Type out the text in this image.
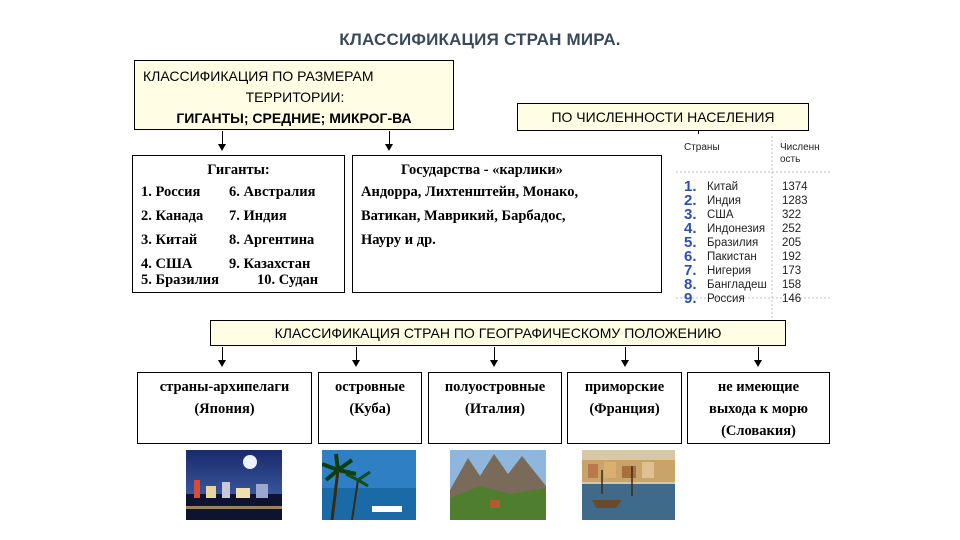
КЛАССИФИКАЦИЯ СТРАН МИРА.
КЛАССИФИКАЦИЯ ПО РАЗМЕРАМ
ТЕРРИТОРИИ:
ГИГАНТЫ; СРЕДНИЕ; МИКРОГ-ВА	ПО ЧИСЛЕННОСТИ НАСЕЛЕНИЯ
Гиганты:
1. Россия 6. Австралия
2. Канада 7. Индия
3. Китай 8. Аргентина
4. США	9. Казахстан
5. Бразилия	10. Судан
Государства - «карлики»
Андорра, Лихтенштейн, Монако,
Ватикан, Маврикий, Барбадос,
Науру и др.
Страны	Численн
ость
1. Китай	1374
2. Индия	1283
3. США	322
4. Индонезия 252
5. Бразилия 205
6. Пакистан 192
7. Нигерия	173
8. Бангладеш 158
9. Россия	146
КЛАССИФИКАЦИЯ СТРАН ПО ГЕОГРАФИЧЕСКОМУ ПОЛОЖЕНИЮ
страны-архипелаги
(Япония)
островные
(Куба)
полуостровные
(Италия)
приморские
(Франция)
не имеющие
выхода к морю
(Словакия)
